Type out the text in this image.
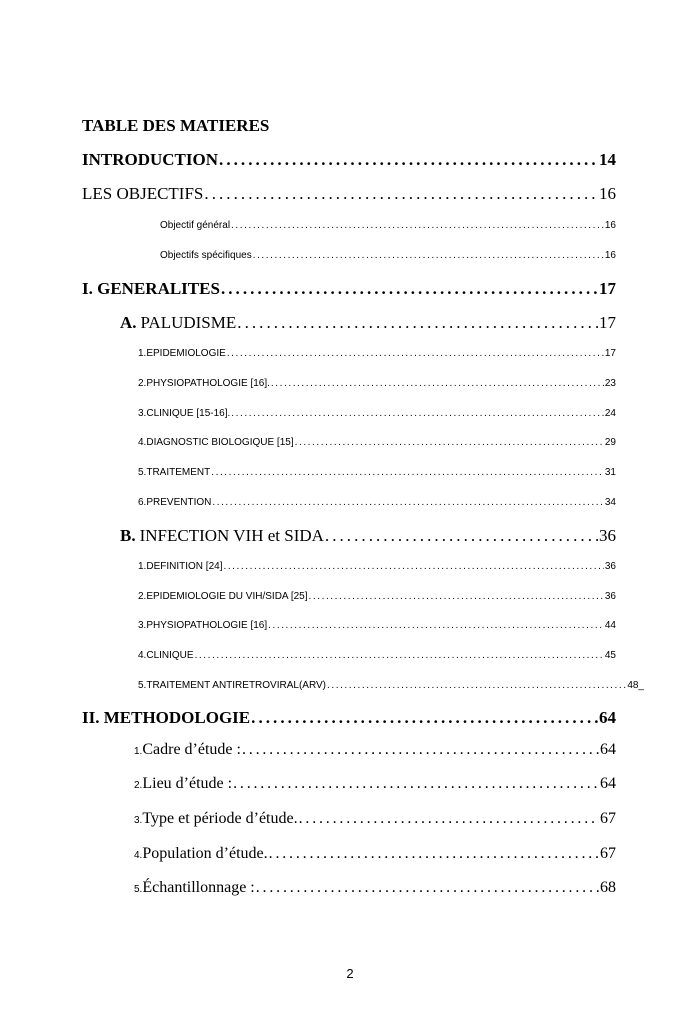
TABLE DES MATIERES
INTRODUCTION . . .	14
LES OBJECTIFS . . .	16
Objectif général . . .	16
Objectifs spécifiques . . .	16
I. GENERALITES . . .	17
A. PALUDISME . . .	17
1. EPIDEMIOLOGIE . . .	17
2. PHYSIOPATHOLOGIE [16]. . . .	23
3. CLINIQUE [15-16]. . . .	24
4. DIAGNOSTIC BIOLOGIQUE [15] . . .	29
5. TRAITEMENT . . .	31
6. PREVENTION . . .	34
B. INFECTION VIH et SIDA . . .	36
1. DEFINITION [24] . . .	36
2. EPIDEMIOLOGIE DU VIH/SIDA [25] . . .	36
3. PHYSIOPATHOLOGIE [16] . . .	44
4. CLINIQUE . . .	45
5. TRAITEMENT ANTIRETROVIRAL(ARV) . . .	48_
II. METHODOLOGIE . . .	64
1. Cadre d’étude : . . .	64
2. Lieu d’étude : . . .	64
3. Type et période d’étude. . . .	67
4. Population d’étude. . . .	67
5. Échantillonnage : . . .	68
2
